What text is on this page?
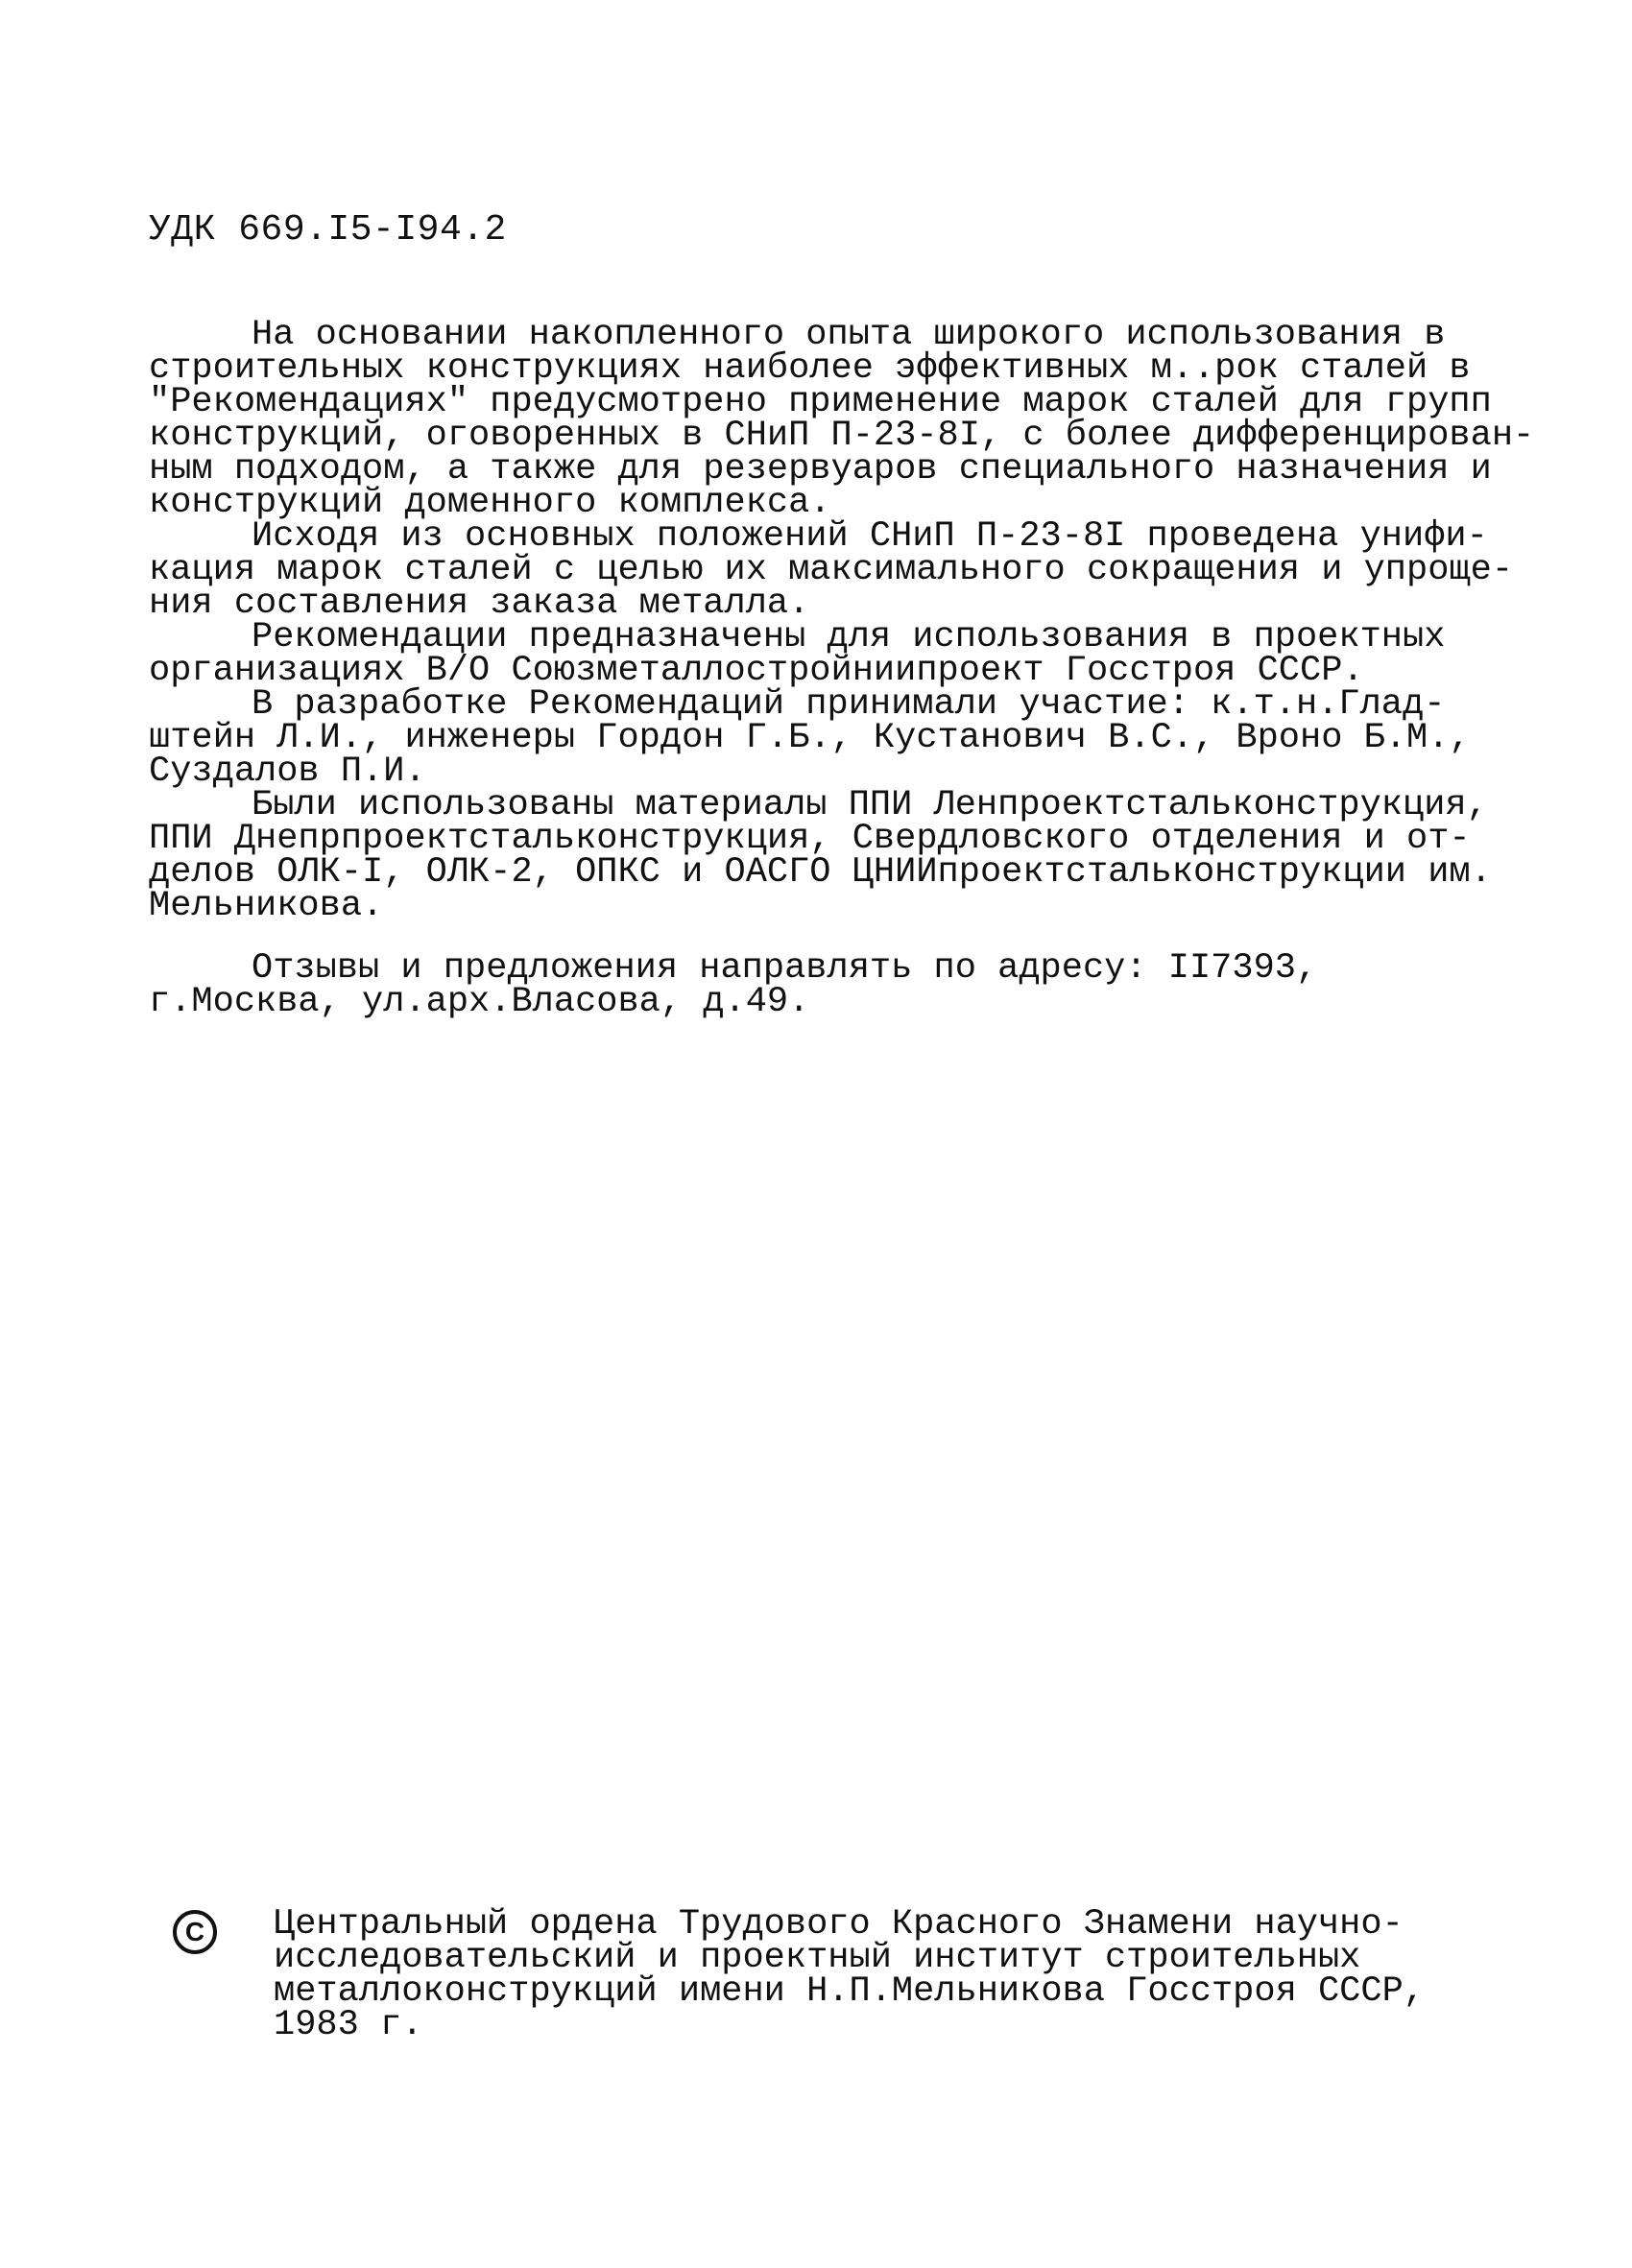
УДК 669.I5-I94.2

На основании накопленного опыта широкого использования в

строительных конструкциях наиболее эффективных м..рок сталей в

"Рекомендациях" предусмотрено применение марок сталей для групп

конструкций, оговоренных в СНиП П-23-8I, с более дифференцирован-

ным подходом, а также для резервуаров специального назначения и

конструкций доменного комплекса.

Исходя из основных положений СНиП П-23-8I проведена унифи-

кация марок сталей с целью их максимального сокращения и упроще-

ния составления заказа металла.

Рекомендации предназначены для использования в проектных

организациях В/О Союзметаллостройниипроект Госстроя СССР.

В разработке Рекомендаций принимали участие: к.т.н.Глад-

штейн Л.И., инженеры Гордон Г.Б., Кустанович В.С., Вроно Б.М.,

Суздалов П.И.

Были использованы материалы ППИ Ленпроектстальконструкция,

ППИ Днепрпроектстальконструкция, Свердловского отделения и от-

делов ОЛК-I, ОЛК-2, ОПКС и ОАСГО ЦНИИпроектстальконструкции им.

Мельникова.

Отзывы и предложения направлять по адресу: II7393,

г.Москва, ул.арх.Власова, д.49.

C	Центральный ордена Трудового Красного Знамени научно-

исследовательский и проектный институт строительных

металлоконструкций имени Н.П.Мельникова Госстроя СССР,

1983 г.
